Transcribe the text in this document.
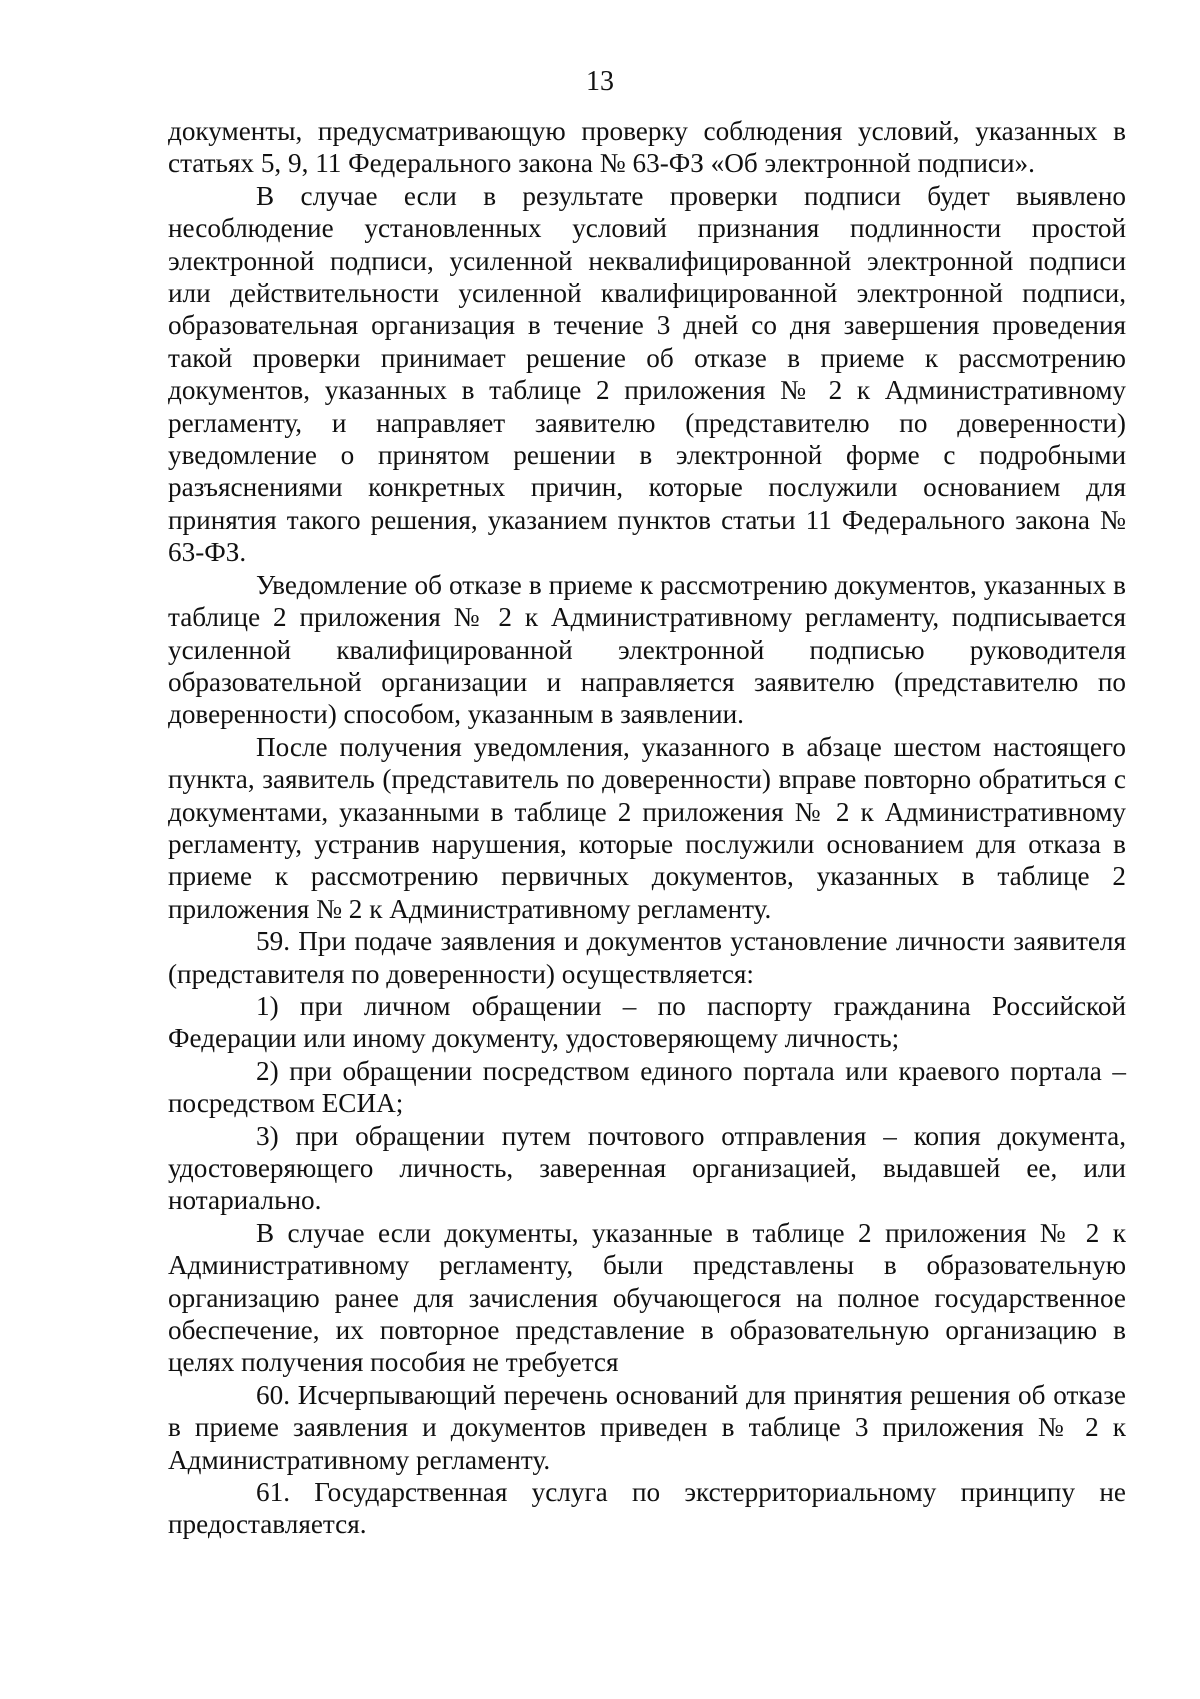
13

документы, предусматривающую проверку соблюдения условий, указанных в статьях 5, 9, 11 Федерального закона № 63-ФЗ «Об электронной подписи».

В случае если в результате проверки подписи будет выявлено несоблюдение установленных условий признания подлинности простой электронной подписи, усиленной неквалифицированной электронной подписи или действительности усиленной квалифицированной электронной подписи, образовательная организация в течение 3 дней со дня завершения проведения такой проверки принимает решение об отказе в приеме к рассмотрению документов, указанных в таблице 2 приложения № 2 к Административному регламенту, и направляет заявителю (представителю по доверенности) уведомление о принятом решении в электронной форме с подробными разъяснениями конкретных причин, которые послужили основанием для принятия такого решения, указанием пунктов статьи 11 Федерального закона № 63-ФЗ.

Уведомление об отказе в приеме к рассмотрению документов, указанных в таблице 2 приложения № 2 к Административному регламенту, подписывается усиленной квалифицированной электронной подписью руководителя образовательной организации и направляется заявителю (представителю по доверенности) способом, указанным в заявлении.

После получения уведомления, указанного в абзаце шестом настоящего пункта, заявитель (представитель по доверенности) вправе повторно обратиться с документами, указанными в таблице 2 приложения № 2 к Административному регламенту, устранив нарушения, которые послужили основанием для отказа в приеме к рассмотрению первичных документов, указанных в таблице 2 приложения № 2 к Административному регламенту.

59. При подаче заявления и документов установление личности заявителя (представителя по доверенности) осуществляется:

1) при личном обращении – по паспорту гражданина Российской Федерации или иному документу, удостоверяющему личность;

2) при обращении посредством единого портала или краевого портала – посредством ЕСИА;

3) при обращении путем почтового отправления – копия документа, удостоверяющего личность, заверенная организацией, выдавшей ее, или нотариально.

В случае если документы, указанные в таблице 2 приложения № 2 к Административному регламенту, были представлены в образовательную организацию ранее для зачисления обучающегося на полное государственное обеспечение, их повторное представление в образовательную организацию в целях получения пособия не требуется

60. Исчерпывающий перечень оснований для принятия решения об отказе в приеме заявления и документов приведен в таблице 3 приложения № 2 к Административному регламенту.

61. Государственная услуга по экстерриториальному принципу не предоставляется.
